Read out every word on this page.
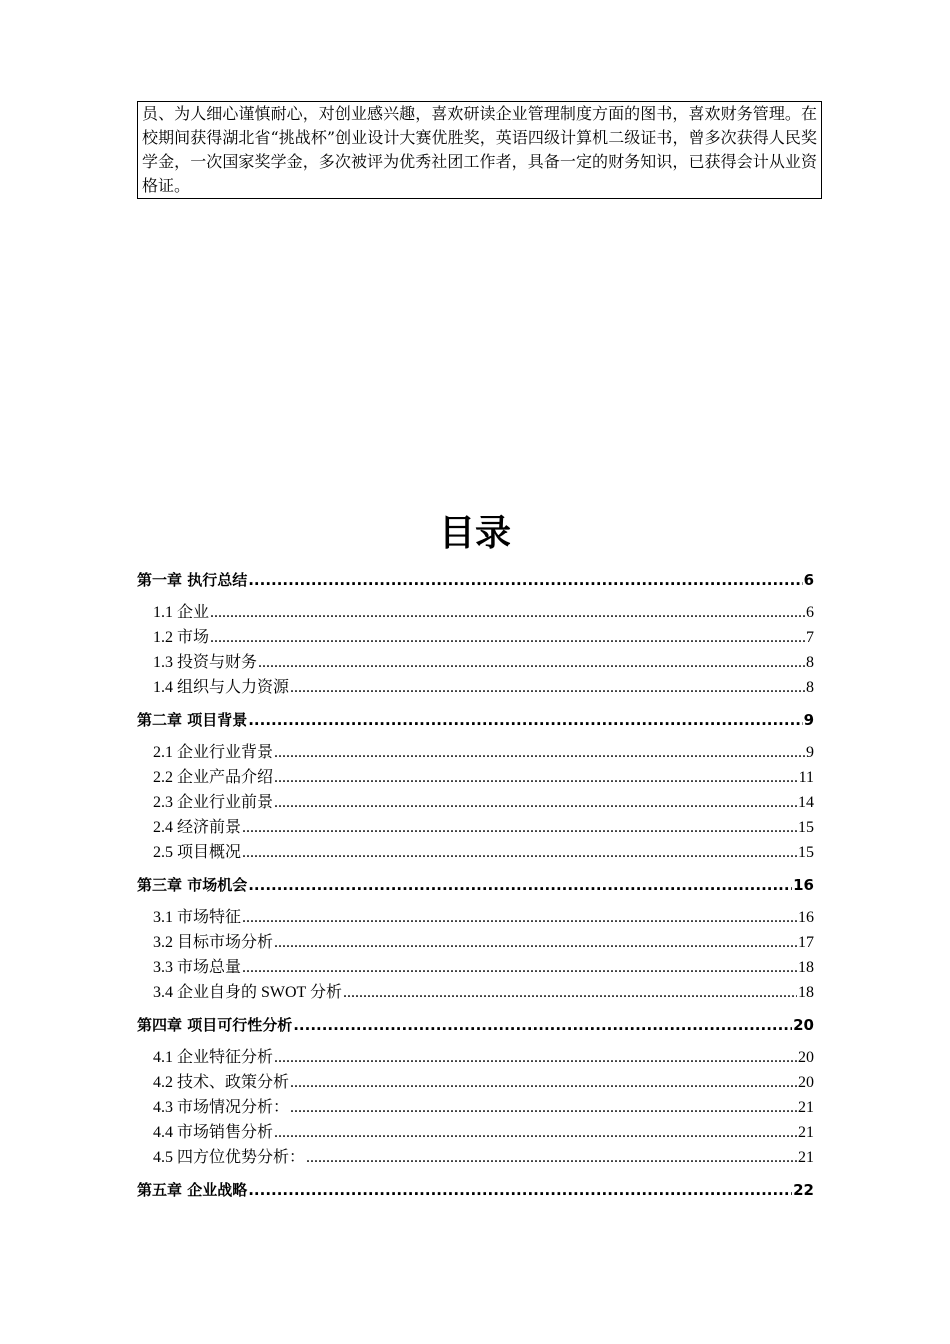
员、为人细心谨慎耐心，对创业感兴趣，喜欢研读企业管理制度方面的图书，喜欢财务管理。在校期间获得湖北省“挑战杯”创业设计大赛优胜奖，英语四级计算机二级证书，曾多次获得人民奖学金，一次国家奖学金，多次被评为优秀社团工作者，具备一定的财务知识，已获得会计从业资格证。
目录
第一章 执行总结 .....	6
1.1 企业 .....	6
1.2 市场 .....	7
1.3 投资与财务 .....	8
1.4 组织与人力资源 .....	8
第二章 项目背景 .....	9
2.1 企业行业背景 .....	9
2.2 企业产品介绍 .....	11
2.3 企业行业前景 .....	14
2.4 经济前景 .....	15
2.5 项目概况 .....	15
第三章 市场机会 .....	16
3.1 市场特征 .....	16
3.2 目标市场分析 .....	17
3.3 市场总量 .....	18
3.4 企业自身的 SWOT 分析 .....	18
第四章 项目可行性分析 .....	20
4.1 企业特征分析 .....	20
4.2 技术、政策分析 .....	20
4.3 市场情况分析： .....	21
4.4 市场销售分析 .....	21
4.5 四方位优势分析： .....	21
第五章 企业战略 .....	22
